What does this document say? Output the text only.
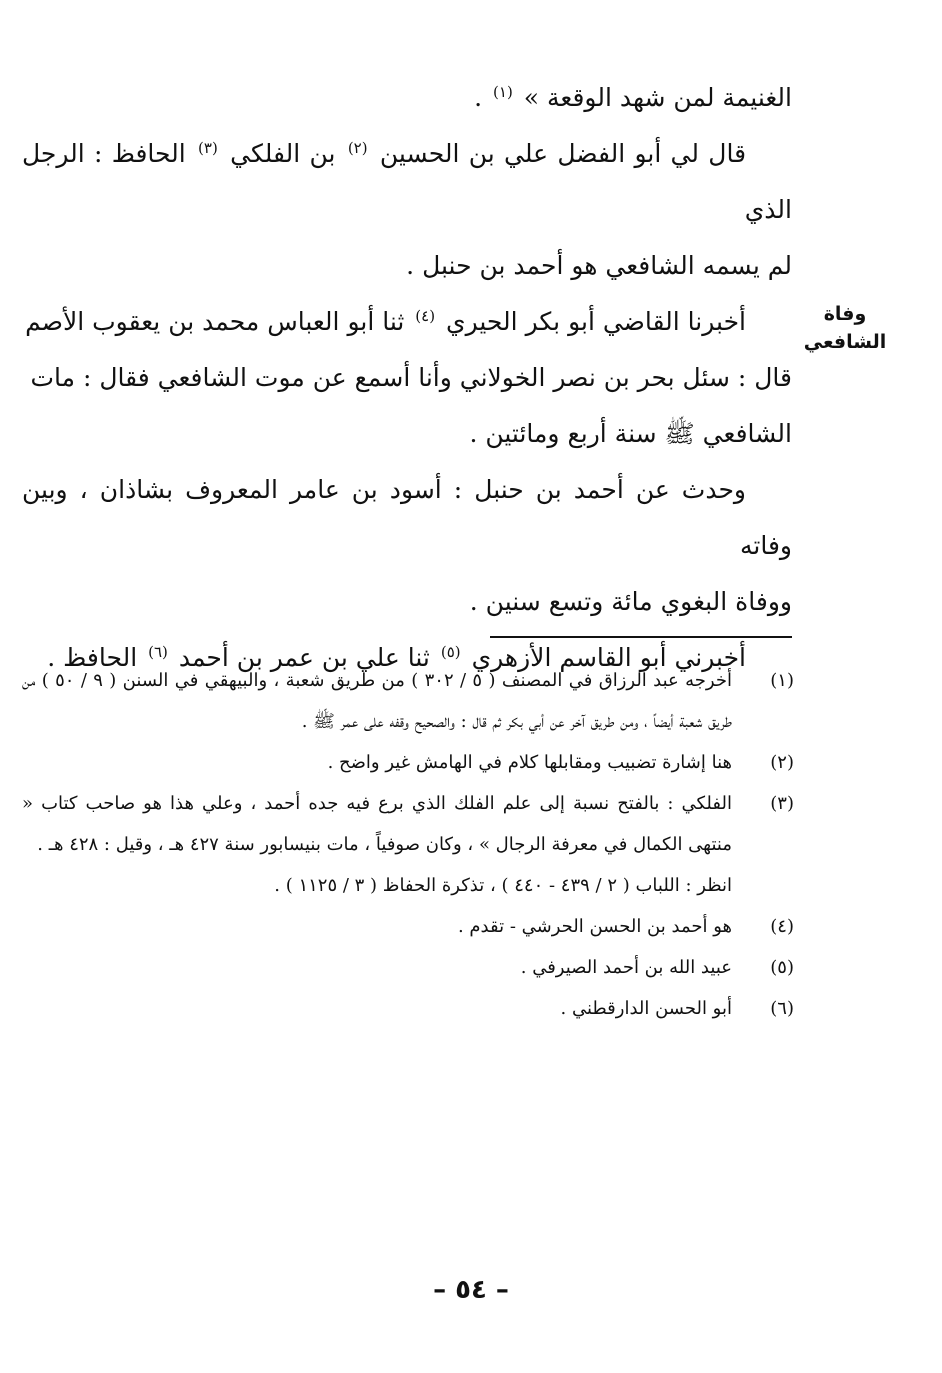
وفاة
الشافعي

الغنيمة لمن شهد الوقعة » $^{(١)}$ .

قال لي أبو الفضل علي بن الحسين $^{(٢)}$ بن الفلكي $^{(٣)}$ الحافظ : الرجل الذي

لم يسمه الشافعي هو أحمد بن حنبل .

أخبرنا القاضي أبو بكر الحيري $^{(٤)}$ ثنا أبو العباس محمد بن يعقوب الأصم

قال : سئل بحر بن نصر الخولاني وأنا أسمع عن موت الشافعي فقال : مات

الشافعي ﷺ سنة أربع ومائتين .

وحدث عن أحمد بن حنبل : أسود بن عامر المعروف بشاذان ، وبين وفاته

ووفاة البغوي مائة وتسع سنين .

أخبرني أبو القاسم الأزهري $^{(٥)}$ ثنا علي بن عمر بن أحمد $^{(٦)}$ الحافظ .

(١)
أخرجه عبد الرزاق في المصنف ( ٥ / ٣٠٢ ) من طريق شعبة ، والبيهقي في السنن ( ٩ / ٥٠ ) من طريق شعبة أيضاً ، ومن طريق آخر عن أبي بكر ثم قال : والصحيح وقفه على عمر ﷺ .
(٢)
هنا إشارة تضبيب ومقابلها كلام في الهامش غير واضح .
(٣)
الفلكي : بالفتح نسبة إلى علم الفلك الذي برع فيه جده أحمد ، وعلي هذا هو صاحب كتاب « منتهى الكمال في معرفة الرجال » ، وكان صوفياً ، مات بنيسابور سنة ٤٢٧ هـ ، وقيل : ٤٢٨ هـ .
انظر : اللباب ( ٢ / ٤٣٩ - ٤٤٠ ) ، تذكرة الحفاظ ( ٣ / ١١٢٥ ) .
(٤)
هو أحمد بن الحسن الحرشي - تقدم .
(٥)
عبيد الله بن أحمد الصيرفي .
(٦)
أبو الحسن الدارقطني .
– ٥٤ –
